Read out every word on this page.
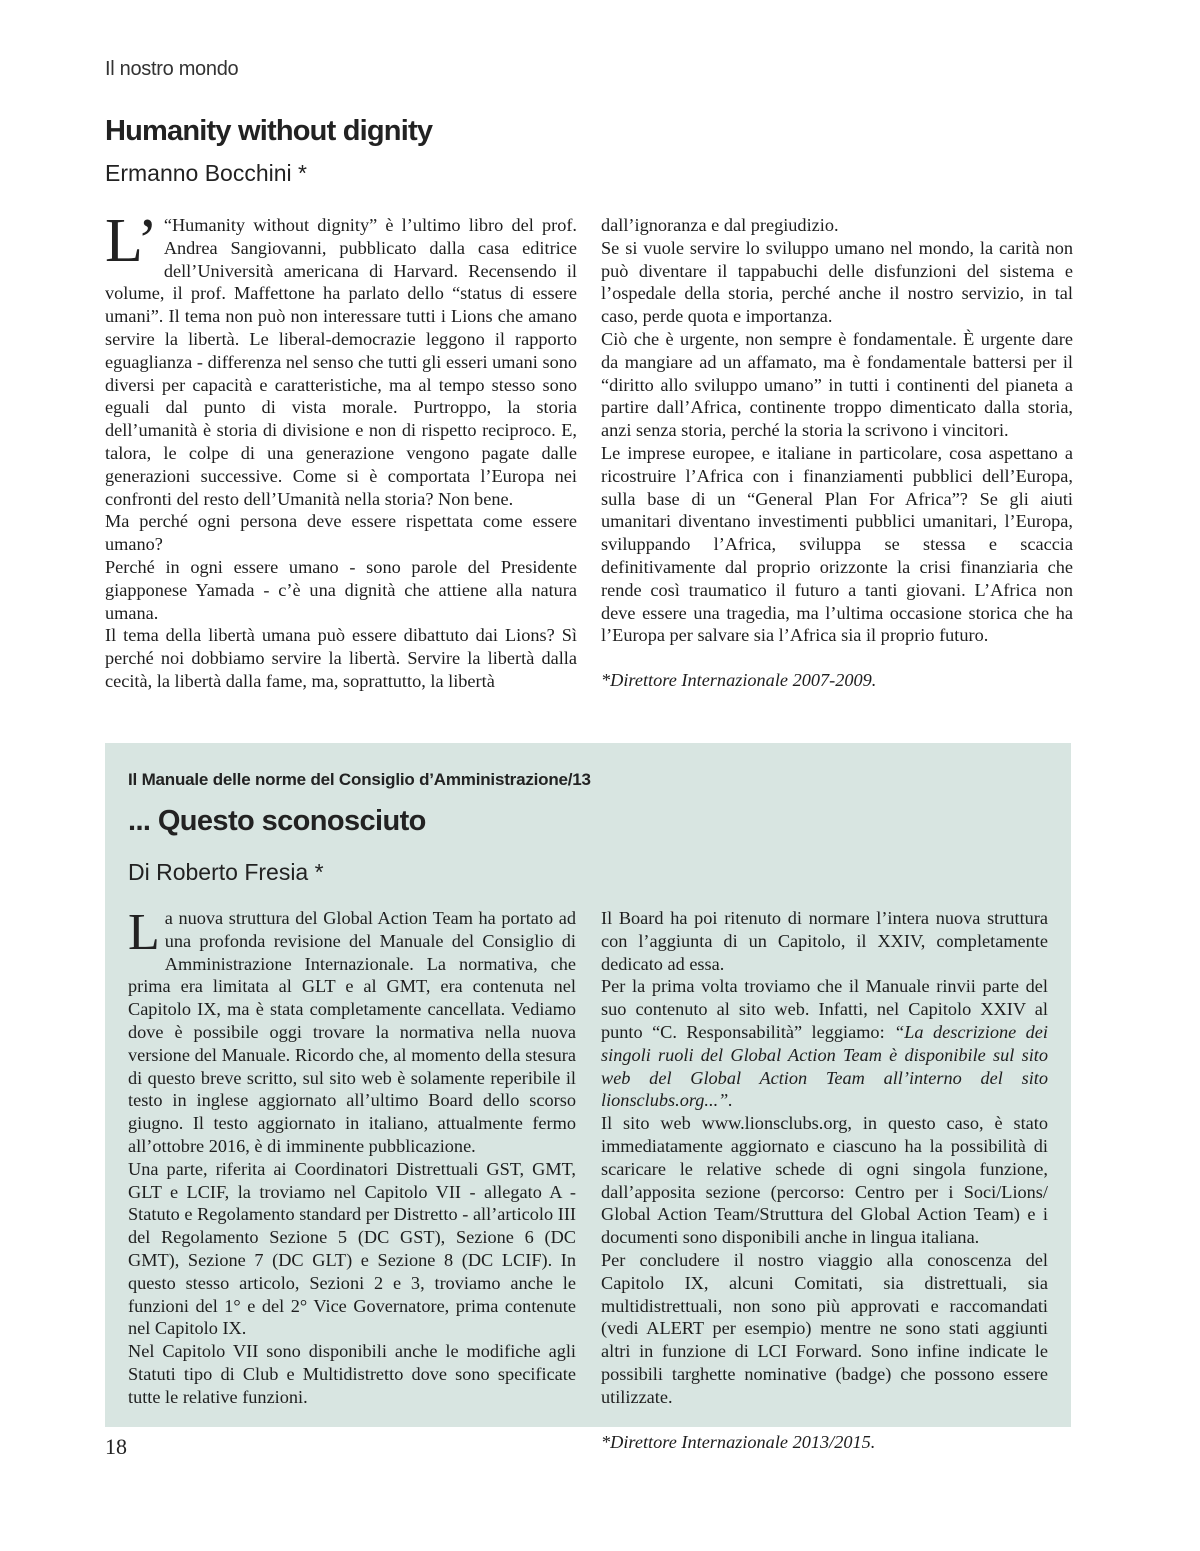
Il nostro mondo
Humanity without dignity
Ermanno Bocchini *

L’ “Humanity without dignity” è l’ultimo libro del prof. Andrea Sangiovanni, pubblicato dalla casa editrice dell’Università americana di Harvard. Recensendo il volume, il prof. Maffettone ha parlato dello “status di essere umani”. Il tema non può non interessare tutti i Lions che amano servire la libertà. Le liberal-democrazie leggono il rapporto eguaglianza - differenza nel senso che tutti gli esseri umani sono diversi per capacità e caratteristiche, ma al tempo stesso sono eguali dal punto di vista morale. Purtroppo, la storia dell’umanità è storia di divisione e non di rispetto reciproco. E, talora, le colpe di una generazione vengono pagate dalle generazioni successive. Come si è comportata l’Europa nei confronti del resto dell’Umanità nella storia? Non bene.

Ma perché ogni persona deve essere rispettata come essere umano?

Perché in ogni essere umano - sono parole del Presidente giapponese Yamada - c’è una dignità che attiene alla natura umana.

Il tema della libertà umana può essere dibattuto dai Lions? Sì perché noi dobbiamo servire la libertà. Servire la libertà dalla cecità, la libertà dalla fame, ma, soprattutto, la libertà

dall’ignoranza e dal pregiudizio.

Se si vuole servire lo sviluppo umano nel mondo, la carità non può diventare il tappabuchi delle disfunzioni del sistema e l’ospedale della storia, perché anche il nostro servizio, in tal caso, perde quota e importanza.

Ciò che è urgente, non sempre è fondamentale. È urgente dare da mangiare ad un affamato, ma è fondamentale battersi per il “diritto allo sviluppo umano” in tutti i continenti del pianeta a partire dall’Africa, continente troppo dimenticato dalla storia, anzi senza storia, perché la storia la scrivono i vincitori.

Le imprese europee, e italiane in particolare, cosa aspettano a ricostruire l’Africa con i finanziamenti pubblici dell’Europa, sulla base di un “General Plan For Africa”? Se gli aiuti umanitari diventano investimenti pubblici umanitari, l’Europa, sviluppando l’Africa, sviluppa se stessa e scaccia definitivamente dal proprio orizzonte la crisi finanziaria che rende così traumatico il futuro a tanti giovani. L’Africa non deve essere una tragedia, ma l’ultima occasione storica che ha l’Europa per salvare sia l’Africa sia il proprio futuro.

*Direttore Internazionale 2007-2009.

Il Manuale delle norme del Consiglio d’Amministrazione/13
... Questo sconosciuto
Di Roberto Fresia *

La nuova struttura del Global Action Team ha portato ad una profonda revisione del Manuale del Consiglio di Amministrazione Internazionale. La normativa, che prima era limitata al GLT e al GMT, era contenuta nel Capitolo IX, ma è stata completamente cancellata. Vediamo dove è possibile oggi trovare la normativa nella nuova versione del Manuale. Ricordo che, al momento della stesura di questo breve scritto, sul sito web è solamente reperibile il testo in inglese aggiornato all’ultimo Board dello scorso giugno. Il testo aggiornato in italiano, attualmente fermo all’ottobre 2016, è di imminente pubblicazione.

Una parte, riferita ai Coordinatori Distrettuali GST, GMT, GLT e LCIF, la troviamo nel Capitolo VII - allegato A - Statuto e Regolamento standard per Distretto - all’articolo III del Regolamento Sezione 5 (DC GST), Sezione 6 (DC GMT), Sezione 7 (DC GLT) e Sezione 8 (DC LCIF). In questo stesso articolo, Sezioni 2 e 3, troviamo anche le funzioni del 1° e del 2° Vice Governatore, prima contenute nel Capitolo IX.

Nel Capitolo VII sono disponibili anche le modifiche agli Statuti tipo di Club e Multidistretto dove sono specificate tutte le relative funzioni.

Il Board ha poi ritenuto di normare l’intera nuova struttura con l’aggiunta di un Capitolo, il XXIV, completamente dedicato ad essa.

Per la prima volta troviamo che il Manuale rinvii parte del suo contenuto al sito web. Infatti, nel Capitolo XXIV al punto “C. Responsabilità” leggiamo: “La descrizione dei singoli ruoli del Global Action Team è disponibile sul sito web del Global Action Team all’interno del sito lionsclubs.org...”.

Il sito web www.lionsclubs.org, in questo caso, è stato immediatamente aggiornato e ciascuno ha la possibilità di scaricare le relative schede di ogni singola funzione, dall’apposita sezione (percorso: Centro per i Soci/Lions/ Global Action Team/Struttura del Global Action Team) e i documenti sono disponibili anche in lingua italiana.

Per concludere il nostro viaggio alla conoscenza del Capitolo IX, alcuni Comitati, sia distrettuali, sia multidistrettuali, non sono più approvati e raccomandati (vedi ALERT per esempio) mentre ne sono stati aggiunti altri in funzione di LCI Forward. Sono infine indicate le possibili targhette nominative (badge) che possono essere utilizzate.

*Direttore Internazionale 2013/2015.

18
